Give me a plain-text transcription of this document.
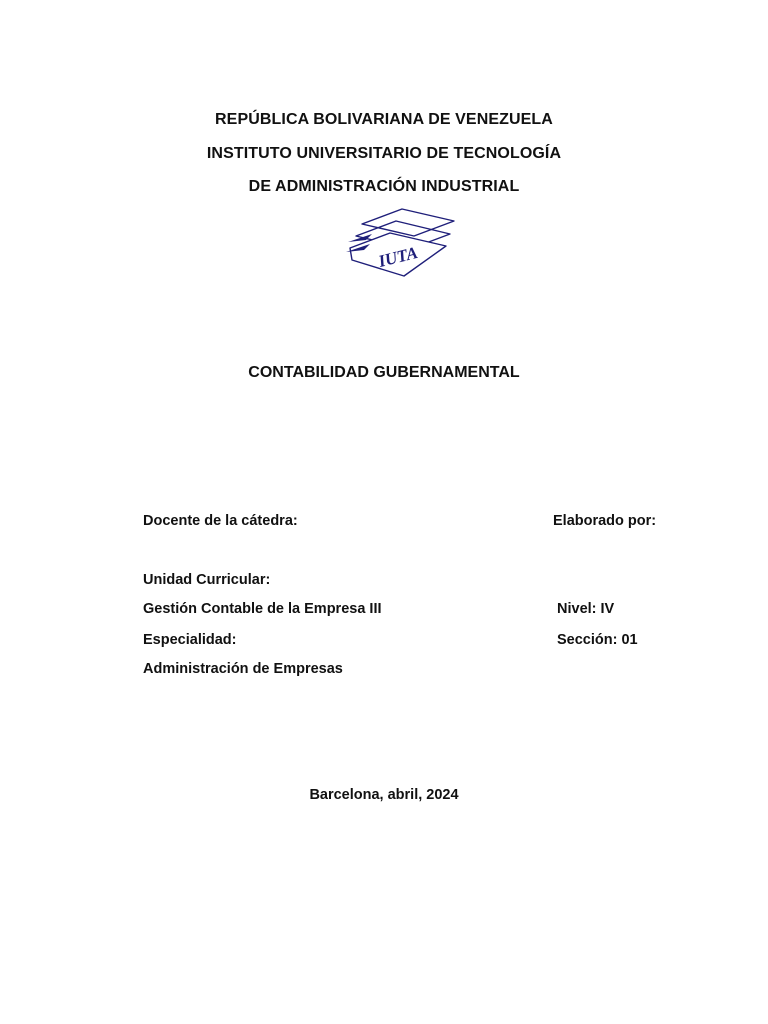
REPÚBLICA BOLIVARIANA DE VENEZUELA
INSTITUTO UNIVERSITARIO DE TECNOLOGÍA
DE ADMINISTRACIÓN INDUSTRIAL
IUTA
CONTABILIDAD GUBERNAMENTAL
Docente de la cátedra:	Elaborado por:
Unidad Curricular:
Gestión Contable de la Empresa III	Nivel: IV
Especialidad:	Sección: 01
Administración de Empresas
Barcelona, abril, 2024
